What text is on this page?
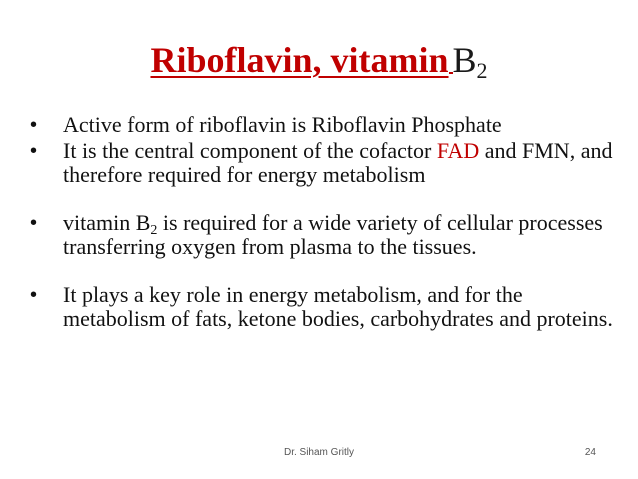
Riboflavin, vitamin $B_2$
• Active form of riboflavin is Riboflavin Phosphate
• It is the central component of the cofactor FAD and FMN, and therefore required for energy metabolism
• vitamin $B_2$ is required for a wide variety of cellular processes transferring oxygen from plasma to the tissues.
• It plays a key role in energy metabolism, and for the metabolism of fats, ketone bodies, carbohydrates and proteins.
Dr. Siham Gritly	24
